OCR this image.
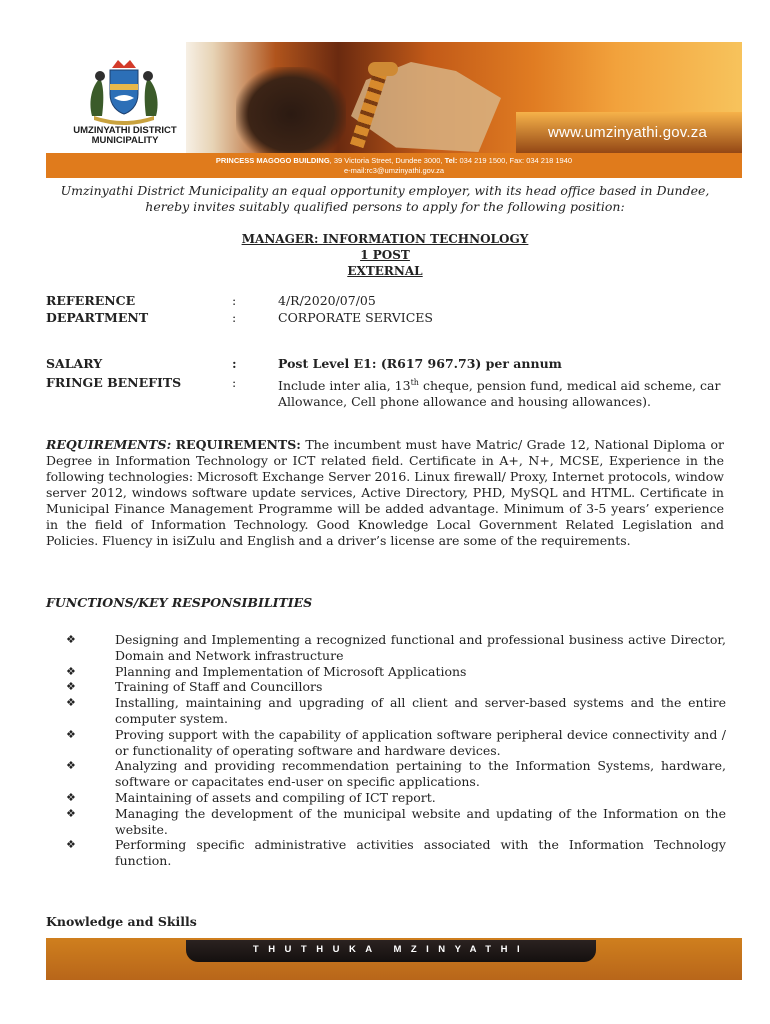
UMZINYATHI DISTRICT
MUNICIPALITY	www.umzinyathi.gov.za
PRINCESS MAGOGO BUILDING, 39 Victoria Street, Dundee 3000, Tel: 034 219 1500, Fax: 034 218 1940
e-mail:rc3@umzinyathi.gov.za
Umzinyathi District Municipality an equal opportunity employer, with its head office based in Dundee, hereby invites suitably qualified persons to apply for the following position:
MANAGER: INFORMATION TECHNOLOGY
1 POST
EXTERNAL
REFERENCE	:	4/R/2020/07/05
DEPARTMENT	:	CORPORATE SERVICES
SALARY	:	Post Level E1: (R617 967.73) per annum
FRINGE BENEFITS	:	Include inter alia, 13th cheque, pension fund, medical aid scheme, car Allowance, Cell phone allowance and housing allowances).
REQUIREMENTS: REQUIREMENTS: The incumbent must have Matric/ Grade 12, National Diploma or Degree in Information Technology or ICT related field. Certificate in A+, N+, MCSE, Experience in the following technologies: Microsoft Exchange Server 2016. Linux firewall/ Proxy, Internet protocols, window server 2012, windows software update services, Active Directory, PHD, MySQL and HTML. Certificate in Municipal Finance Management Programme will be added advantage. Minimum of 3-5 years’ experience in the field of Information Technology. Good Knowledge Local Government Related Legislation and Policies. Fluency in isiZulu and English and a driver’s license are some of the requirements.
FUNCTIONS/KEY RESPONSIBILITIES
❖	Designing and Implementing a recognized functional and professional business active Director, Domain and Network infrastructure
❖	Planning and Implementation of Microsoft Applications
❖	Training of Staff and Councillors
❖	Installing, maintaining and upgrading of all client and server-based systems and the entire computer system.
❖	Proving support with the capability of application software peripheral device connectivity and / or functionality of operating software and hardware devices.
❖	Analyzing and providing recommendation pertaining to the Information Systems, hardware, software or capacitates end-user on specific applications.
❖	Maintaining of assets and compiling of ICT report.
❖	Managing the development of the municipal website and updating of the Information on the website.
❖	Performing specific administrative activities associated with the Information Technology function.
Knowledge and Skills
THUTHUKA MZINYATHI
